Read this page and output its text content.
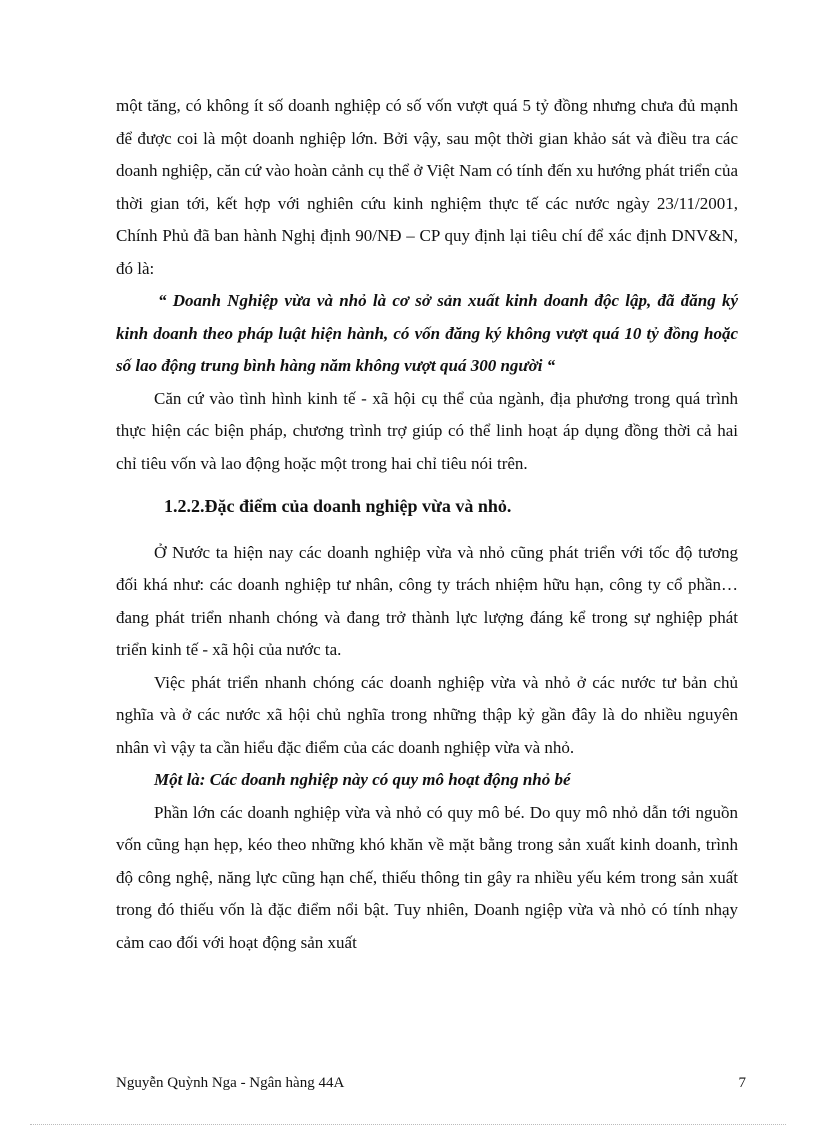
một tăng, có không ít số doanh nghiệp có số vốn vượt quá 5 tỷ đồng nhưng chưa đủ mạnh để được coi là một doanh nghiệp lớn. Bởi vậy, sau một thời gian khảo sát và điều tra các doanh nghiệp, căn cứ vào hoàn cảnh cụ thể ở Việt Nam có tính đến xu hướng phát triển của thời gian tới, kết hợp với nghiên cứu kinh nghiệm thực tế các nước ngày 23/11/2001, Chính Phủ đã ban hành Nghị định 90/NĐ – CP quy định lại tiêu chí để xác định DNV&N, đó là:

“ Doanh Nghiệp vừa và nhỏ là cơ sở sản xuất kinh doanh độc lập, đã đăng ký kinh doanh theo pháp luật hiện hành, có vốn đăng ký không vượt quá 10 tỷ đồng hoặc số lao động trung bình hàng năm không vượt quá 300 người “

Căn cứ vào tình hình kinh tế - xã hội cụ thể của ngành, địa phương trong quá trình thực hiện các biện pháp, chương trình trợ giúp có thể linh hoạt áp dụng đồng thời cả hai chỉ tiêu vốn và lao động hoặc một trong hai chỉ tiêu nói trên.

1.2.2.Đặc điểm của doanh nghiệp vừa và nhỏ.

Ở Nước ta hiện nay các doanh nghiệp vừa và nhỏ cũng phát triển với tốc độ tương đối khá như: các doanh nghiệp tư nhân, công ty trách nhiệm hữu hạn, công ty cổ phần…đang phát triển nhanh chóng và đang trở thành lực lượng đáng kể trong sự nghiệp phát triển kinh tế - xã hội của nước ta.

Việc phát triển nhanh chóng các doanh nghiệp vừa và nhỏ ở các nước tư bản chủ nghĩa và ở các nước xã hội chủ nghĩa trong những thập kỷ gần đây là do nhiều nguyên nhân vì vậy ta cần hiểu đặc điểm của các doanh nghiệp vừa và nhỏ.

Một là: Các doanh nghiệp này có quy mô hoạt động nhỏ bé

Phần lớn các doanh nghiệp vừa và nhỏ có quy mô bé. Do quy mô nhỏ dẫn tới nguồn vốn cũng hạn hẹp, kéo theo những khó khăn về mặt bằng trong sản xuất kinh doanh, trình độ công nghệ, năng lực cũng hạn chế, thiếu thông tin gây ra nhiều yếu kém trong sản xuất trong đó thiếu vốn là đặc điểm nổi bật. Tuy nhiên, Doanh ngiệp vừa và nhỏ có tính nhạy cảm cao đối với hoạt động sản xuất

Nguyễn Quỳnh Nga - Ngân hàng 44A	7
